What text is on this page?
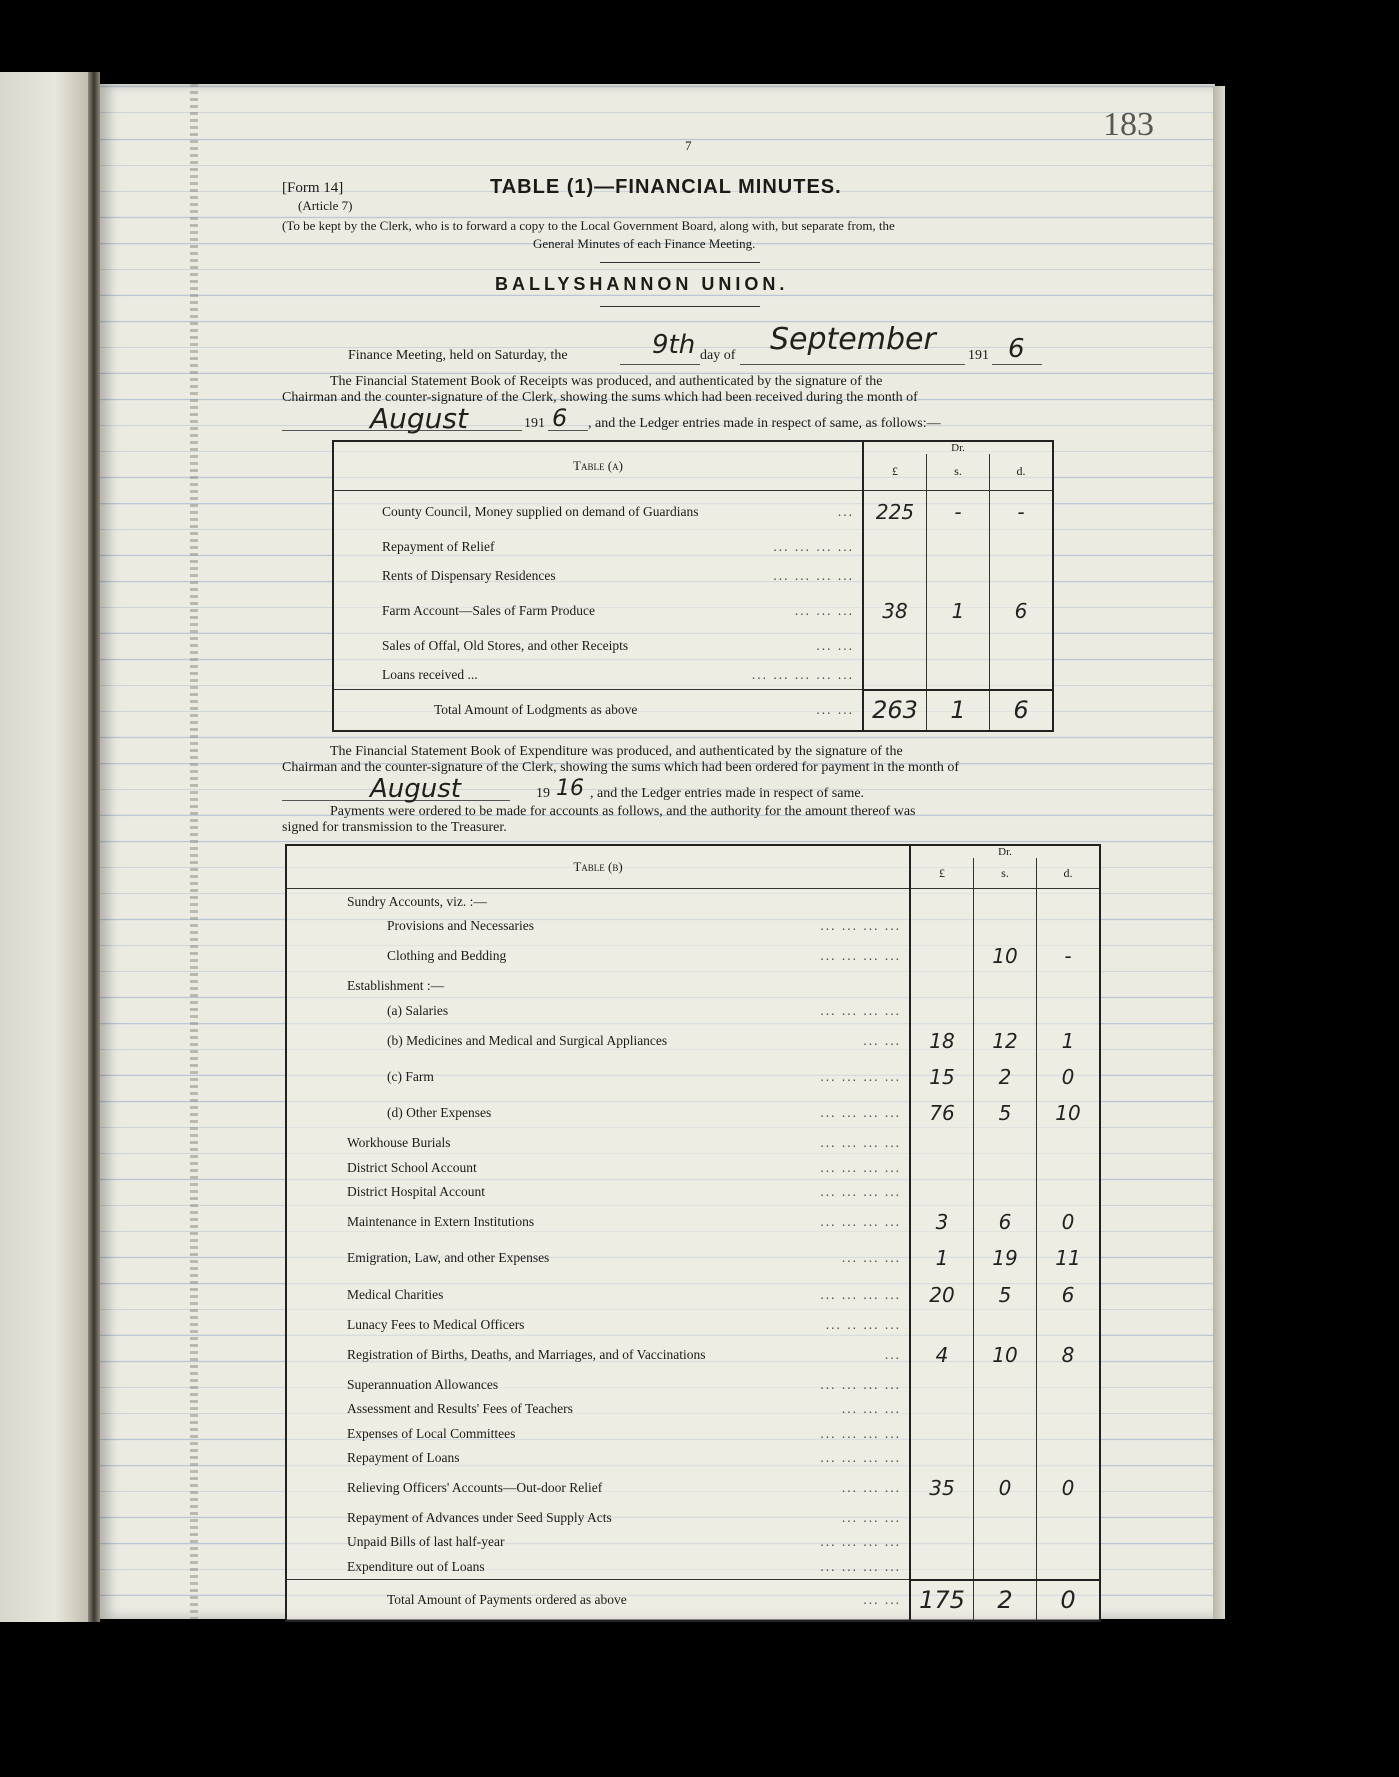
183
7
[Form 14]
(Article 7)
TABLE (1)—FINANCIAL MINUTES.
(To be kept by the Clerk, who is to forward a copy to the Local Government Board, along with, but separate from, the
General Minutes of each Finance Meeting.
BALLYSHANNON UNION.
Finance Meeting, held on Saturday, the	9th day of September 191 6
The Financial Statement Book of Receipts was produced, and authenticated by the signature of the
Chairman and the counter-signature of the Clerk, showing the sums which had been received during the month of
August	191 6 , and the Ledger entries made in respect of same, as follows:—
Table (a)	Dr.		
	£	s.	d.
County Council, Money supplied on demand of Guardians ...	225	-	-
Repayment of Relief ... ... ... ...			

Rents of Dispensary Residences ... ... ... ...			

Farm Account—Sales of Farm Produce ... ... ...	38	1	6
Sales of Offal, Old Stores, and other Receipts ... ...			

Loans received ... ... ... ... ... ...			

Total Amount of Lodgments as above ... ...	263	1	6
The Financial Statement Book of Expenditure was produced, and authenticated by the signature of the
Chairman and the counter-signature of the Clerk, showing the sums which had been ordered for payment in the month of
August	19 16 , and the Ledger entries made in respect of same.
Payments were ordered to be made for accounts as follows, and the authority for the amount thereof was
signed for transmission to the Treasurer.
Table (b)	Dr.		
	£	s.	d.
Sundry Accounts, viz. :—

Provisions and Necessaries ... ... ... ...			

Clothing and Bedding ... ... ... ...		10	-
Establishment :—

(a) Salaries ... ... ... ...			

(b) Medicines and Medical and Surgical Appliances ... ...	18	12	1
(c) Farm ... ... ... ...	15	2	0
(d) Other Expenses ... ... ... ...	76	5	10
Workhouse Burials ... ... ... ...			

District School Account ... ... ... ...			

District Hospital Account ... ... ... ...			

Maintenance in Extern Institutions ... ... ... ...	3	6	0
Emigration, Law, and other Expenses ... ... ...	1	19	11
Medical Charities ... ... ... ...	20	5	6
Lunacy Fees to Medical Officers ... .. ... ...			

Registration of Births, Deaths, and Marriages, and of Vaccinations ...	4	10	8
Superannuation Allowances ... ... ... ...			

Assessment and Results' Fees of Teachers ... ... ...			

Expenses of Local Committees ... ... ... ...			

Repayment of Loans ... ... ... ...			

Relieving Officers' Accounts—Out-door Relief ... ... ...	35	0	0
Repayment of Advances under Seed Supply Acts ... ... ...			

Unpaid Bills of last half-year ... ... ... ...			

Expenditure out of Loans ... ... ... ...			

Total Amount of Payments ordered as above ... ...	175	2	0
